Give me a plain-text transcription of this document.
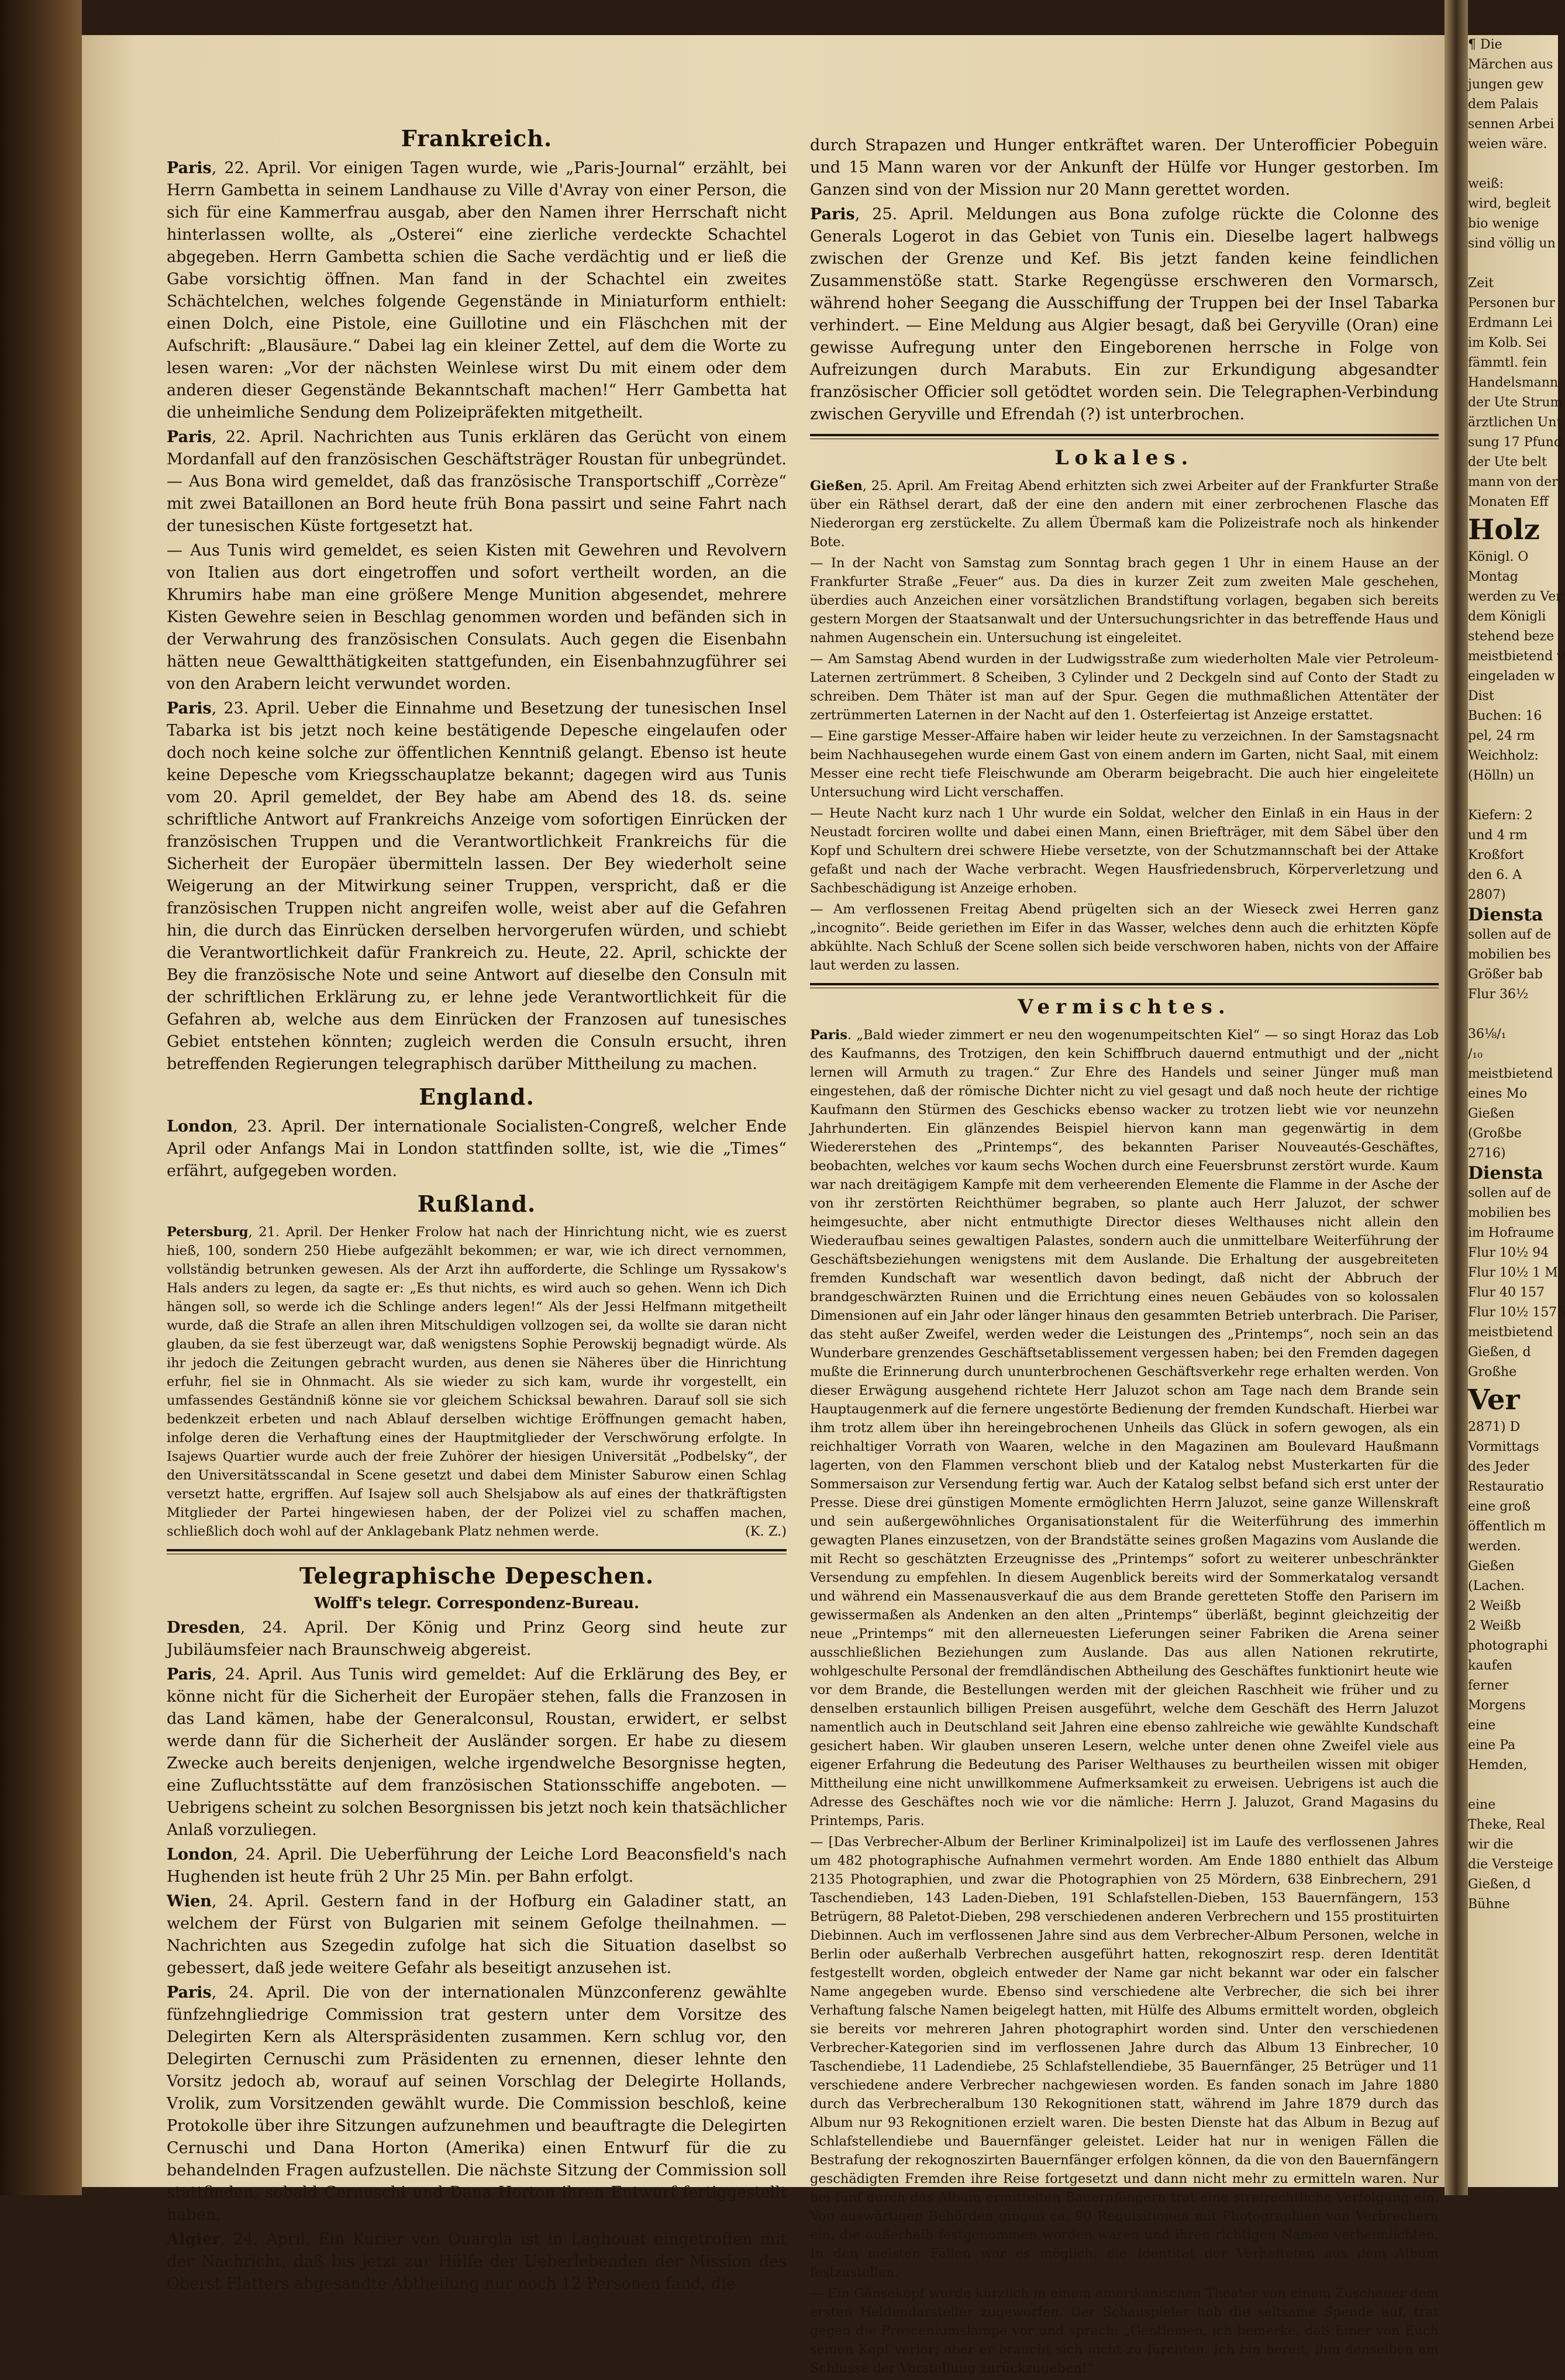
Frankreich.

Paris, 22. April. Vor einigen Tagen wurde, wie „Paris-Journal“ erzählt, bei Herrn Gambetta in seinem Landhause zu Ville d'Avray von einer Person, die sich für eine Kammerfrau ausgab, aber den Namen ihrer Herrschaft nicht hinterlassen wollte, als „Osterei“ eine zierliche verdeckte Schachtel abgegeben. Herrn Gambetta schien die Sache verdächtig und er ließ die Gabe vorsichtig öffnen. Man fand in der Schachtel ein zweites Schächtelchen, welches folgende Gegenstände in Miniaturform enthielt: einen Dolch, eine Pistole, eine Guillotine und ein Fläschchen mit der Aufschrift: „Blausäure.“ Dabei lag ein kleiner Zettel, auf dem die Worte zu lesen waren: „Vor der nächsten Weinlese wirst Du mit einem oder dem anderen dieser Gegenstände Bekanntschaft machen!“ Herr Gambetta hat die unheimliche Sendung dem Polizeipräfekten mitgetheilt.

Paris, 22. April. Nachrichten aus Tunis erklären das Gerücht von einem Mordanfall auf den französischen Geschäftsträger Roustan für unbegründet. — Aus Bona wird gemeldet, daß das französische Transportschiff „Corrèze“ mit zwei Bataillonen an Bord heute früh Bona passirt und seine Fahrt nach der tunesischen Küste fortgesetzt hat.

— Aus Tunis wird gemeldet, es seien Kisten mit Gewehren und Revolvern von Italien aus dort eingetroffen und sofort vertheilt worden, an die Khrumirs habe man eine größere Menge Munition abgesendet, mehrere Kisten Gewehre seien in Beschlag genommen worden und befänden sich in der Verwahrung des französischen Consulats. Auch gegen die Eisenbahn hätten neue Gewaltthätigkeiten stattgefunden, ein Eisenbahnzugführer sei von den Arabern leicht verwundet worden.

Paris, 23. April. Ueber die Einnahme und Besetzung der tunesischen Insel Tabarka ist bis jetzt noch keine bestätigende Depesche eingelaufen oder doch noch keine solche zur öffentlichen Kenntniß gelangt. Ebenso ist heute keine Depesche vom Kriegsschauplatze bekannt; dagegen wird aus Tunis vom 20. April gemeldet, der Bey habe am Abend des 18. ds. seine schriftliche Antwort auf Frankreichs Anzeige vom sofortigen Einrücken der französischen Truppen und die Verantwortlichkeit Frankreichs für die Sicherheit der Europäer übermitteln lassen. Der Bey wiederholt seine Weigerung an der Mitwirkung seiner Truppen, verspricht, daß er die französischen Truppen nicht angreifen wolle, weist aber auf die Gefahren hin, die durch das Einrücken derselben hervorgerufen würden, und schiebt die Verantwortlichkeit dafür Frankreich zu. Heute, 22. April, schickte der Bey die französische Note und seine Antwort auf dieselbe den Consuln mit der schriftlichen Erklärung zu, er lehne jede Verantwortlichkeit für die Gefahren ab, welche aus dem Einrücken der Franzosen auf tunesisches Gebiet entstehen könnten; zugleich werden die Consuln ersucht, ihren betreffenden Regierungen telegraphisch darüber Mittheilung zu machen.

England.

London, 23. April. Der internationale Socialisten-Congreß, welcher Ende April oder Anfangs Mai in London stattfinden sollte, ist, wie die „Times“ erfährt, aufgegeben worden.

Rußland.

Petersburg, 21. April. Der Henker Frolow hat nach der Hinrichtung nicht, wie es zuerst hieß, 100, sondern 250 Hiebe aufgezählt bekommen; er war, wie ich direct vernommen, vollständig betrunken gewesen. Als der Arzt ihn aufforderte, die Schlinge um Ryssakow's Hals anders zu legen, da sagte er: „Es thut nichts, es wird auch so gehen. Wenn ich Dich hängen soll, so werde ich die Schlinge anders legen!“ Als der Jessi Helfmann mitgetheilt wurde, daß die Strafe an allen ihren Mitschuldigen vollzogen sei, da wollte sie daran nicht glauben, da sie fest überzeugt war, daß wenigstens Sophie Perowskij begnadigt würde. Als ihr jedoch die Zeitungen gebracht wurden, aus denen sie Näheres über die Hinrichtung erfuhr, fiel sie in Ohnmacht. Als sie wieder zu sich kam, wurde ihr vorgestellt, ein umfassendes Geständniß könne sie vor gleichem Schicksal bewahren. Darauf soll sie sich bedenkzeit erbeten und nach Ablauf derselben wichtige Eröffnungen gemacht haben, infolge deren die Verhaftung eines der Hauptmitglieder der Verschwörung erfolgte. In Isajews Quartier wurde auch der freie Zuhörer der hiesigen Universität „Podbelsky“, der den Universitätsscandal in Scene gesetzt und dabei dem Minister Saburow einen Schlag versetzt hatte, ergriffen. Auf Isajew soll auch Shelsjabow als auf eines der thatkräftigsten Mitglieder der Partei hingewiesen haben, der der Polizei viel zu schaffen machen, schließlich doch wohl auf der Anklagebank Platz nehmen werde.	(K. Z.)

Telegraphische Depeschen.
Wolff's telegr. Correspondenz-Bureau.

Dresden, 24. April. Der König und Prinz Georg sind heute zur Jubiläumsfeier nach Braunschweig abgereist.

Paris, 24. April. Aus Tunis wird gemeldet: Auf die Erklärung des Bey, er könne nicht für die Sicherheit der Europäer stehen, falls die Franzosen in das Land kämen, habe der Generalconsul, Roustan, erwidert, er selbst werde dann für die Sicherheit der Ausländer sorgen. Er habe zu diesem Zwecke auch bereits denjenigen, welche irgendwelche Besorgnisse hegten, eine Zufluchtsstätte auf dem französischen Stationsschiffe angeboten. — Uebrigens scheint zu solchen Besorgnissen bis jetzt noch kein thatsächlicher Anlaß vorzuliegen.

London, 24. April. Die Ueberführung der Leiche Lord Beaconsfield's nach Hughenden ist heute früh 2 Uhr 25 Min. per Bahn erfolgt.

Wien, 24. April. Gestern fand in der Hofburg ein Galadiner statt, an welchem der Fürst von Bulgarien mit seinem Gefolge theilnahmen. — Nachrichten aus Szegedin zufolge hat sich die Situation daselbst so gebessert, daß jede weitere Gefahr als beseitigt anzusehen ist.

Paris, 24. April. Die von der internationalen Münzconferenz gewählte fünfzehngliedrige Commission trat gestern unter dem Vorsitze des Delegirten Kern als Alterspräsidenten zusammen. Kern schlug vor, den Delegirten Cernuschi zum Präsidenten zu ernennen, dieser lehnte den Vorsitz jedoch ab, worauf auf seinen Vorschlag der Delegirte Hollands, Vrolik, zum Vorsitzenden gewählt wurde. Die Commission beschloß, keine Protokolle über ihre Sitzungen aufzunehmen und beauftragte die Delegirten Cernuschi und Dana Horton (Amerika) einen Entwurf für die zu behandelnden Fragen aufzustellen. Die nächste Sitzung der Commission soll stattfinden, sobald Cernuschi und Dana Horton ihren Entwurf fertiggestellt haben.

Algier, 24. April. Ein Kurier von Ouargla ist in Laghouat eingetroffen mit der Nachricht, daß bis jetzt zur Hülfe der Ueberlebenden der Mission des Oberst Flatters abgesandte Abtheilung nur noch 12 Personen fand, die

durch Strapazen und Hunger entkräftet waren. Der Unterofficier Pobeguin und 15 Mann waren vor der Ankunft der Hülfe vor Hunger gestorben. Im Ganzen sind von der Mission nur 20 Mann gerettet worden.

Paris, 25. April. Meldungen aus Bona zufolge rückte die Colonne des Generals Logerot in das Gebiet von Tunis ein. Dieselbe lagert halbwegs zwischen der Grenze und Kef. Bis jetzt fanden keine feindlichen Zusammenstöße statt. Starke Regengüsse erschweren den Vormarsch, während hoher Seegang die Ausschiffung der Truppen bei der Insel Tabarka verhindert. — Eine Meldung aus Algier besagt, daß bei Geryville (Oran) eine gewisse Aufregung unter den Eingeborenen herrsche in Folge von Aufreizungen durch Marabuts. Ein zur Erkundigung abgesandter französischer Officier soll getödtet worden sein. Die Telegraphen-Verbindung zwischen Geryville und Efrendah (?) ist unterbrochen.

Lokales.

Gießen, 25. April. Am Freitag Abend erhitzten sich zwei Arbeiter auf der Frankfurter Straße über ein Räthsel derart, daß der eine den andern mit einer zerbrochenen Flasche das Niederorgan erg zerstückelte. Zu allem Übermaß kam die Polizeistrafe noch als hinkender Bote.

— In der Nacht von Samstag zum Sonntag brach gegen 1 Uhr in einem Hause an der Frankfurter Straße „Feuer“ aus. Da dies in kurzer Zeit zum zweiten Male geschehen, überdies auch Anzeichen einer vorsätzlichen Brandstiftung vorlagen, begaben sich bereits gestern Morgen der Staatsanwalt und der Untersuchungsrichter in das betreffende Haus und nahmen Augenschein ein. Untersuchung ist eingeleitet.

— Am Samstag Abend wurden in der Ludwigsstraße zum wiederholten Male vier Petroleum-Laternen zertrümmert. 8 Scheiben, 3 Cylinder und 2 Deckgeln sind auf Conto der Stadt zu schreiben. Dem Thäter ist man auf der Spur. Gegen die muthmaßlichen Attentäter der zertrümmerten Laternen in der Nacht auf den 1. Osterfeiertag ist Anzeige erstattet.

— Eine garstige Messer-Affaire haben wir leider heute zu verzeichnen. In der Samstagsnacht beim Nachhausegehen wurde einem Gast von einem andern im Garten, nicht Saal, mit einem Messer eine recht tiefe Fleischwunde am Oberarm beigebracht. Die auch hier eingeleitete Untersuchung wird Licht verschaffen.

— Heute Nacht kurz nach 1 Uhr wurde ein Soldat, welcher den Einlaß in ein Haus in der Neustadt forciren wollte und dabei einen Mann, einen Briefträger, mit dem Säbel über den Kopf und Schultern drei schwere Hiebe versetzte, von der Schutzmannschaft bei der Attake gefaßt und nach der Wache verbracht. Wegen Hausfriedensbruch, Körperverletzung und Sachbeschädigung ist Anzeige erhoben.

— Am verflossenen Freitag Abend prügelten sich an der Wieseck zwei Herren ganz „incognito“. Beide geriethen im Eifer in das Wasser, welches denn auch die erhitzten Köpfe abkühlte. Nach Schluß der Scene sollen sich beide verschworen haben, nichts von der Affaire laut werden zu lassen.

Vermischtes.

Paris. „Bald wieder zimmert er neu den wogenumpeitschten Kiel“ — so singt Horaz das Lob des Kaufmanns, des Trotzigen, den kein Schiffbruch dauernd entmuthigt und der „nicht lernen will Armuth zu tragen.“ Zur Ehre des Handels und seiner Jünger muß man eingestehen, daß der römische Dichter nicht zu viel gesagt und daß noch heute der richtige Kaufmann den Stürmen des Geschicks ebenso wacker zu trotzen liebt wie vor neunzehn Jahrhunderten. Ein glänzendes Beispiel hiervon kann man gegenwärtig in dem Wiedererstehen des „Printemps“, des bekannten Pariser Nouveautés-Geschäftes, beobachten, welches vor kaum sechs Wochen durch eine Feuersbrunst zerstört wurde. Kaum war nach dreitägigem Kampfe mit dem verheerenden Elemente die Flamme in der Asche der von ihr zerstörten Reichthümer begraben, so plante auch Herr Jaluzot, der schwer heimgesuchte, aber nicht entmuthigte Director dieses Welthauses nicht allein den Wiederaufbau seines gewaltigen Palastes, sondern auch die unmittelbare Weiterführung der Geschäftsbeziehungen wenigstens mit dem Auslande. Die Erhaltung der ausgebreiteten fremden Kundschaft war wesentlich davon bedingt, daß nicht der Abbruch der brandgeschwärzten Ruinen und die Errichtung eines neuen Gebäudes von so kolossalen Dimensionen auf ein Jahr oder länger hinaus den gesammten Betrieb unterbrach. Die Pariser, das steht außer Zweifel, werden weder die Leistungen des „Printemps“, noch sein an das Wunderbare grenzendes Geschäftsetablissement vergessen haben; bei den Fremden dagegen mußte die Erinnerung durch ununterbrochenen Geschäftsverkehr rege erhalten werden. Von dieser Erwägung ausgehend richtete Herr Jaluzot schon am Tage nach dem Brande sein Hauptaugenmerk auf die fernere ungestörte Bedienung der fremden Kundschaft. Hierbei war ihm trotz allem über ihn hereingebrochenen Unheils das Glück in sofern gewogen, als ein reichhaltiger Vorrath von Waaren, welche in den Magazinen am Boulevard Haußmann lagerten, von den Flammen verschont blieb und der Katalog nebst Musterkarten für die Sommersaison zur Versendung fertig war. Auch der Katalog selbst befand sich erst unter der Presse. Diese drei günstigen Momente ermöglichten Herrn Jaluzot, seine ganze Willenskraft und sein außergewöhnliches Organisationstalent für die Weiterführung des immerhin gewagten Planes einzusetzen, von der Brandstätte seines großen Magazins vom Auslande die mit Recht so geschätzten Erzeugnisse des „Printemps“ sofort zu weiterer unbeschränkter Versendung zu empfehlen. In diesem Augenblick bereits wird der Sommerkatalog versandt und während ein Massenausverkauf die aus dem Brande geretteten Stoffe den Parisern im gewissermaßen als Andenken an den alten „Printemps“ überläßt, beginnt gleichzeitig der neue „Printemps“ mit den allerneuesten Lieferungen seiner Fabriken die Arena seiner ausschließlichen Beziehungen zum Auslande. Das aus allen Nationen rekrutirte, wohlgeschulte Personal der fremdländischen Abtheilung des Geschäftes funktionirt heute wie vor dem Brande, die Bestellungen werden mit der gleichen Raschheit wie früher und zu denselben erstaunlich billigen Preisen ausgeführt, welche dem Geschäft des Herrn Jaluzot namentlich auch in Deutschland seit Jahren eine ebenso zahlreiche wie gewählte Kundschaft gesichert haben. Wir glauben unseren Lesern, welche unter denen ohne Zweifel viele aus eigener Erfahrung die Bedeutung des Pariser Welthauses zu beurtheilen wissen mit obiger Mittheilung eine nicht unwillkommene Aufmerksamkeit zu erweisen. Uebrigens ist auch die Adresse des Geschäftes noch wie vor die nämliche: Herrn J. Jaluzot, Grand Magasins du Printemps, Paris.

— [Das Verbrecher-Album der Berliner Kriminalpolizei] ist im Laufe des verflossenen Jahres um 482 photographische Aufnahmen vermehrt worden. Am Ende 1880 enthielt das Album 2135 Photographien, und zwar die Photographien von 25 Mördern, 638 Einbrechern, 291 Taschendieben, 143 Laden-Dieben, 191 Schlafstellen-Dieben, 153 Bauernfängern, 153 Betrügern, 88 Paletot-Dieben, 298 verschiedenen anderen Verbrechern und 155 prostituirten Diebinnen. Auch im verflossenen Jahre sind aus dem Verbrecher-Album Personen, welche in Berlin oder außerhalb Verbrechen ausgeführt hatten, rekognoszirt resp. deren Identität festgestellt worden, obgleich entweder der Name gar nicht bekannt war oder ein falscher Name angegeben wurde. Ebenso sind verschiedene alte Verbrecher, die sich bei ihrer Verhaftung falsche Namen beigelegt hatten, mit Hülfe des Albums ermittelt worden, obgleich sie bereits vor mehreren Jahren photographirt worden sind. Unter den verschiedenen Verbrecher-Kategorien sind im verflossenen Jahre durch das Album 13 Einbrecher, 10 Taschendiebe, 11 Ladendiebe, 25 Schlafstellendiebe, 35 Bauernfänger, 25 Betrüger und 11 verschiedene andere Verbrecher nachgewiesen worden. Es fanden sonach im Jahre 1880 durch das Verbrecheralbum 130 Rekognitionen statt, während im Jahre 1879 durch das Album nur 93 Rekognitionen erzielt waren. Die besten Dienste hat das Album in Bezug auf Schlafstellendiebe und Bauernfänger geleistet. Leider hat nur in wenigen Fällen die Bestrafung der rekognoszirten Bauernfänger erfolgen können, da die von den Bauernfängern geschädigten Fremden ihre Reise fortgesetzt und dann nicht mehr zu ermitteln waren. Nur bei fünf durch das Album ermittelten Bauernfängern trat eine strafrechtliche Verfolgung ein. Von auswärtigen Behörden gingen ca. 90 Requisitionen mit Photographien von Verbrechern ein, die außerhalb festgenommen worden waren und ihren richtigen Namen verheimlichten. In den meisten Fällen war es möglich, die Identität der Verhafteten aus dem Album festzustellen.

— Ein Gänsekopf wurde kürzlich in einem amerikanischen Theater von einem Zuschauer dem ersten Heldendarsteller zugeworfen. Der Schauspieler hob die seltsame Spende auf, trat gegen die Prosceniumslampe vor und sprach: „Gentlemen, ich bemerke, daß Einer von Euch seinen Kopf verlor; aber er braucht sich nicht zu fürchten. Ich bin bereit, ihm denselben am Schlusse der Vorstellung zurückzugeben!“

¶ Die
Märchen aus
jungen gew
dem Palais
sennen Arbei
weien wäre.

weiß:
wird, begleit
bio wenige
sind völlig un

Zeit
Personen bur
Erdmann Lei
im Kolb. Sei
fämmtl. fein
Handelsmann
der Ute Strum
ärztlichen Unt
sung 17 Pfund
der Ute belt
mann von der
Monaten Eff
Holz
Königl. O
Montag
werden zu Ver
dem Königli
stehend beze
meistbietend v
eingeladen w
Dist
Buchen: 16
pel, 24 rm
Weichholz:
(Hölln) un

Kiefern: 2
und 4 rm
Kroßfort
den 6. A
2807)
Diensta
sollen auf de
mobilien bes
Größer bab
Flur 36½

36⅛/₁
/₁₀
meistbietend
eines Mo
Gießen
(Großbe
2716)
Diensta
sollen auf de
mobilien bes
im Hofraume
Flur 10½ 94
Flur 10½ 1 M
Flur 40 157
Flur 10½ 1575
meistbietend
Gießen, d
Großhe
Ver
2871) D
Vormittags
des Jeder
Restauratio
eine groß
öffentlich m
werden.
Gießen
(Lachen.
2 Weißb
2 Weißb
photographi
kaufen
ferner
Morgens
eine
eine Pa
Hemden,

eine
Theke, Real
wir die
die Versteige
Gießen, d
Bühne
